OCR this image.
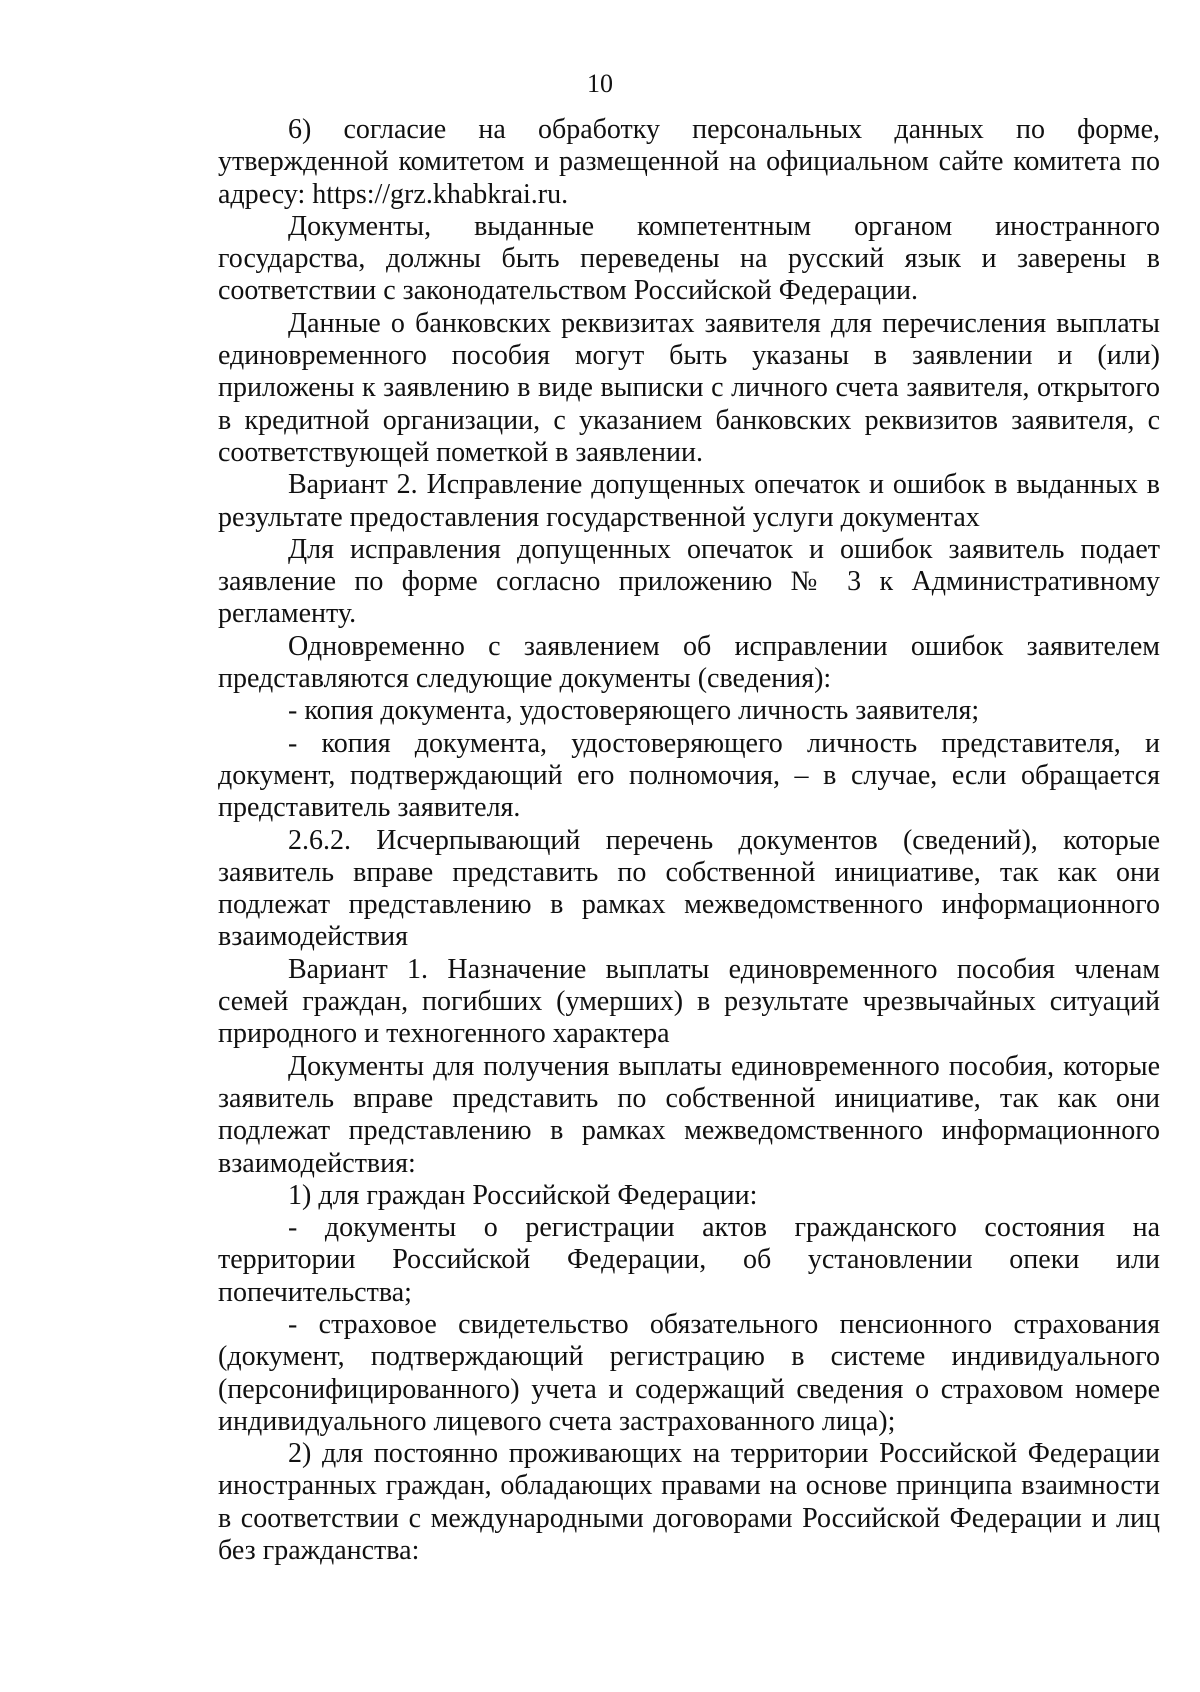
10

6) согласие на обработку персональных данных по форме, утвержденной комитетом и размещенной на официальном сайте комитета по адресу: https://grz.khabkrai.ru.

Документы, выданные компетентным органом иностранного государства, должны быть переведены на русский язык и заверены в соответствии с законодательством Российской Федерации.

Данные о банковских реквизитах заявителя для перечисления выплаты единовременного пособия могут быть указаны в заявлении и (или) приложены к заявлению в виде выписки с личного счета заявителя, открытого в кредитной организации, с указанием банковских реквизитов заявителя, с соответствующей пометкой в заявлении.

Вариант 2. Исправление допущенных опечаток и ошибок в выданных в результате предоставления государственной услуги документах

Для исправления допущенных опечаток и ошибок заявитель подает заявление по форме согласно приложению № 3 к Административному регламенту.

Одновременно с заявлением об исправлении ошибок заявителем представляются следующие документы (сведения):

- копия документа, удостоверяющего личность заявителя;

- копия документа, удостоверяющего личность представителя, и документ, подтверждающий его полномочия, – в случае, если обращается представитель заявителя.

2.6.2. Исчерпывающий перечень документов (сведений), которые заявитель вправе представить по собственной инициативе, так как они подлежат представлению в рамках межведомственного информационного взаимодействия

Вариант 1. Назначение выплаты единовременного пособия членам семей граждан, погибших (умерших) в результате чрезвычайных ситуаций природного и техногенного характера

Документы для получения выплаты единовременного пособия, которые заявитель вправе представить по собственной инициативе, так как они подлежат представлению в рамках межведомственного информационного взаимодействия:

1) для граждан Российской Федерации:

- документы о регистрации актов гражданского состояния на территории Российской Федерации, об установлении опеки или попечительства;

- страховое свидетельство обязательного пенсионного страхования (документ, подтверждающий регистрацию в системе индивидуального (персонифицированного) учета и содержащий сведения о страховом номере индивидуального лицевого счета застрахованного лица);

2) для постоянно проживающих на территории Российской Федерации иностранных граждан, обладающих правами на основе принципа взаимности в соответствии с международными договорами Российской Федерации и лиц без гражданства:
